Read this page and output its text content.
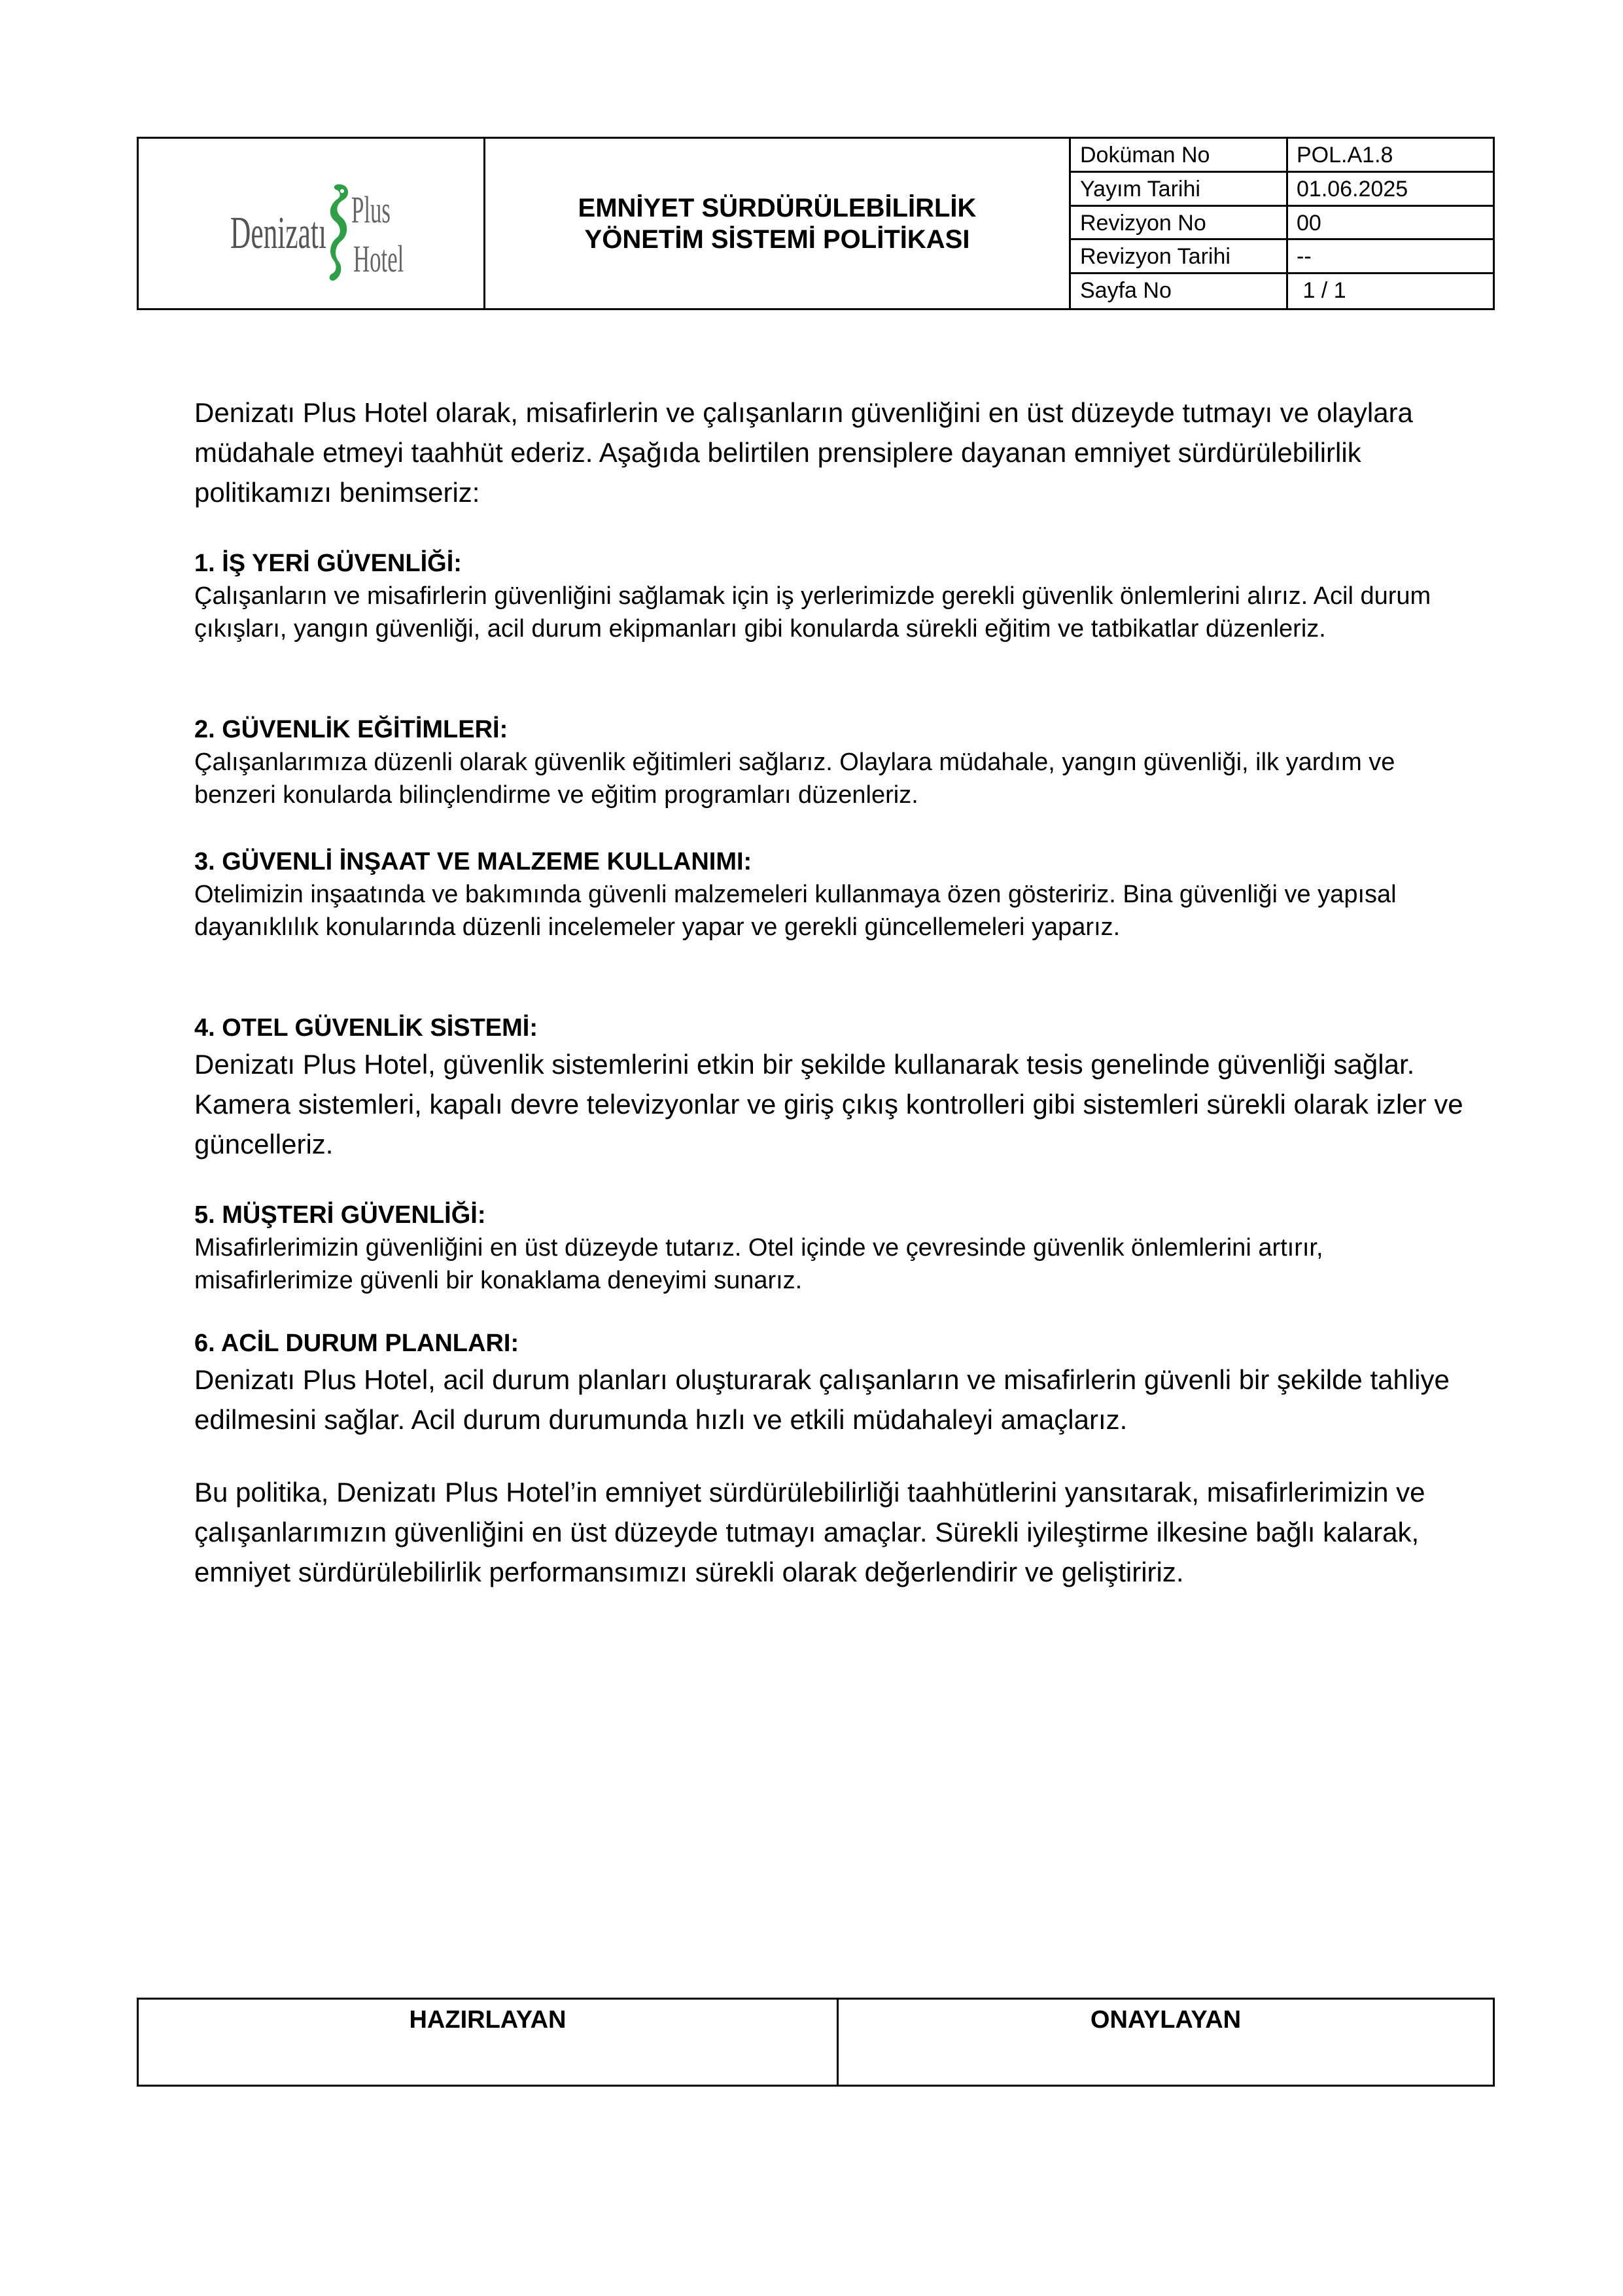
Denizatı Plus
Hotel
EMNİYET SÜRDÜRÜLEBİLİRLİK
YÖNETİM SİSTEMİ POLİTİKASI
Doküman No	POL.A1.8
Yayım Tarihi	01.06.2025
Revizyon No	00
Revizyon Tarihi	--
Sayfa No	1 / 1

Denizatı Plus Hotel olarak, misafirlerin ve çalışanların güvenliğini en üst düzeyde tutmayı ve olaylara müdahale etmeyi taahhüt ederiz. Aşağıda belirtilen prensiplere dayanan emniyet sürdürülebilirlik politikamızı benimseriz:

1. İŞ YERİ GÜVENLİĞİ:

Çalışanların ve misafirlerin güvenliğini sağlamak için iş yerlerimizde gerekli güvenlik önlemlerini alırız. Acil durum çıkışları, yangın güvenliği, acil durum ekipmanları gibi konularda sürekli eğitim ve tatbikatlar düzenleriz.

2. GÜVENLİK EĞİTİMLERİ:

Çalışanlarımıza düzenli olarak güvenlik eğitimleri sağlarız. Olaylara müdahale, yangın güvenliği, ilk yardım ve benzeri konularda bilinçlendirme ve eğitim programları düzenleriz.

3. GÜVENLİ İNŞAAT VE MALZEME KULLANIMI:

Otelimizin inşaatında ve bakımında güvenli malzemeleri kullanmaya özen gösteririz. Bina güvenliği ve yapısal dayanıklılık konularında düzenli incelemeler yapar ve gerekli güncellemeleri yaparız.

4. OTEL GÜVENLİK SİSTEMİ:

Denizatı Plus Hotel, güvenlik sistemlerini etkin bir şekilde kullanarak tesis genelinde güvenliği sağlar. Kamera sistemleri, kapalı devre televizyonlar ve giriş çıkış kontrolleri gibi sistemleri sürekli olarak izler ve güncelleriz.

5. MÜŞTERİ GÜVENLİĞİ:

Misafirlerimizin güvenliğini en üst düzeyde tutarız. Otel içinde ve çevresinde güvenlik önlemlerini artırır, misafirlerimize güvenli bir konaklama deneyimi sunarız.

6. ACİL DURUM PLANLARI:

Denizatı Plus Hotel, acil durum planları oluşturarak çalışanların ve misafirlerin güvenli bir şekilde tahliye edilmesini sağlar. Acil durum durumunda hızlı ve etkili müdahaleyi amaçlarız.

Bu politika, Denizatı Plus Hotel’in emniyet sürdürülebilirliği taahhütlerini yansıtarak, misafirlerimizin ve çalışanlarımızın güvenliğini en üst düzeyde tutmayı amaçlar. Sürekli iyileştirme ilkesine bağlı kalarak, emniyet sürdürülebilirlik performansımızı sürekli olarak değerlendirir ve geliştiririz.

HAZIRLAYAN	ONAYLAYAN
